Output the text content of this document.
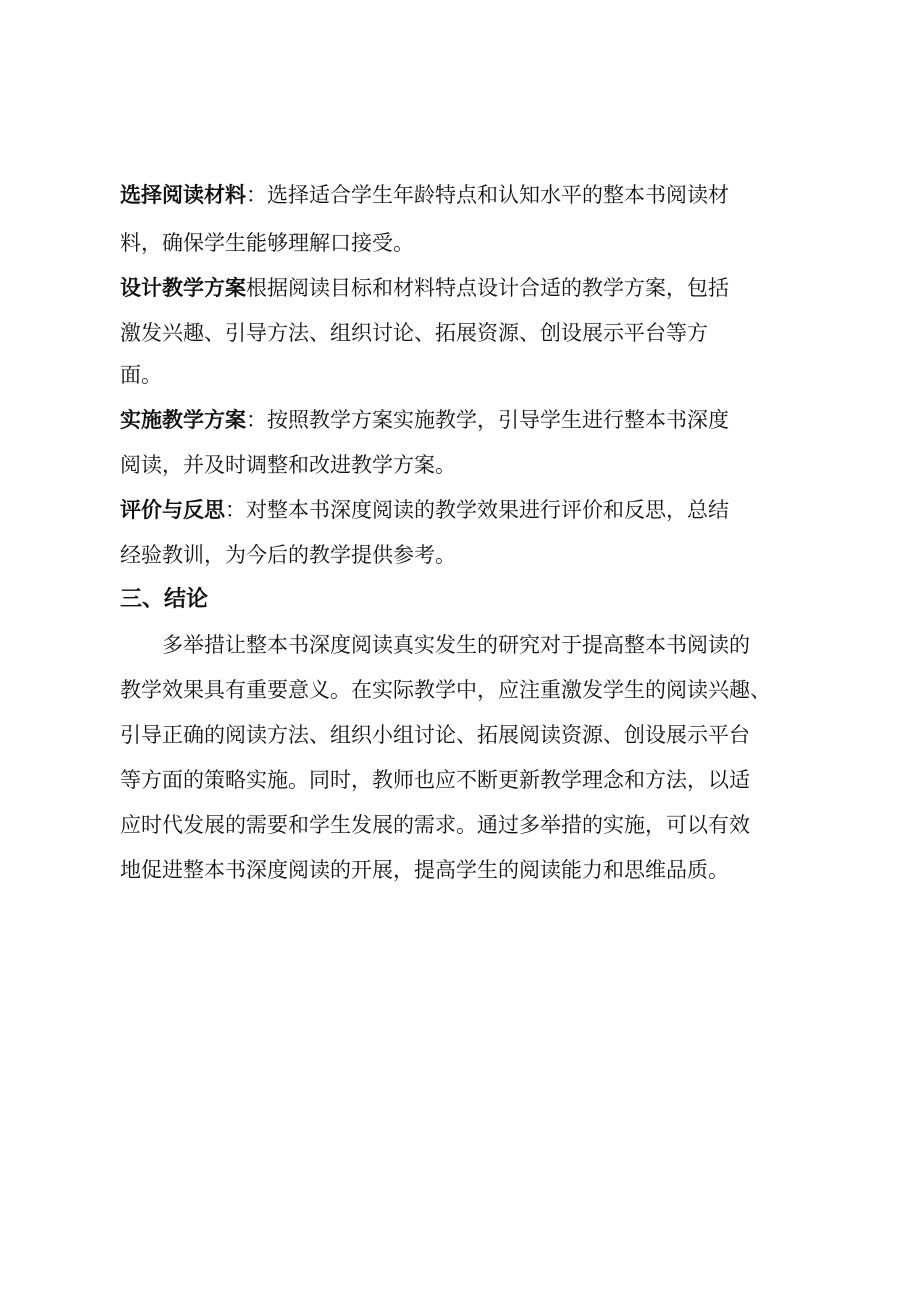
选择阅读材料：选择适合学生年龄特点和认知水平的整本书阅读材
料，确保学生能够理解口接受。
设计教学方案根据阅读目标和材料特点设计合适的教学方案，包括
激发兴趣、引导方法、组织讨论、拓展资源、创设展示平台等方
面。
实施教学方案：按照教学方案实施教学，引导学生进行整本书深度
阅读，并及时调整和改进教学方案。
评价与反思：对整本书深度阅读的教学效果进行评价和反思，总结
经验教训，为今后的教学提供参考。
三、结论
多举措让整本书深度阅读真实发生的研究对于提高整本书阅读的
教学效果具有重要意义。在实际教学中，应注重激发学生的阅读兴趣、
引导正确的阅读方法、组织小组讨论、拓展阅读资源、创设展示平台
等方面的策略实施。同时，教师也应不断更新教学理念和方法，以适
应时代发展的需要和学生发展的需求。通过多举措的实施，可以有效
地促进整本书深度阅读的开展，提高学生的阅读能力和思维品质。
